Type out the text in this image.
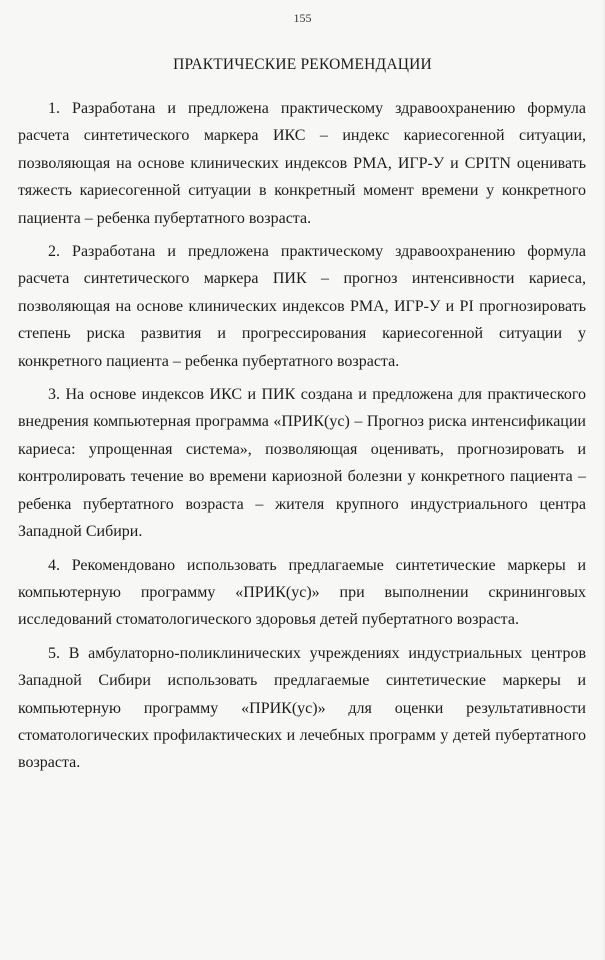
155
ПРАКТИЧЕСКИЕ РЕКОМЕНДАЦИИ

1. Разработана и предложена практическому здравоохранению формула расчета синтетического маркера ИКС – индекс кариесогенной ситуации, позволяющая на основе клинических индексов РМА, ИГР-У и CPITN оценивать тяжесть кариесогенной ситуации в конкретный момент времени у конкретного пациента – ребенка пубертатного возраста.

2. Разработана и предложена практическому здравоохранению формула расчета синтетического маркера ПИК – прогноз интенсивности кариеса, позволяющая на основе клинических индексов РМА, ИГР-У и PI прогнозировать степень риска развития и прогрессирования кариесогенной ситуации у конкретного пациента – ребенка пубертатного возраста.

3. На основе индексов ИКС и ПИК создана и предложена для практического внедрения компьютерная программа «ПРИК(ус) – Прогноз риска интенсификации кариеса: упрощенная система», позволяющая оценивать, прогнозировать и контролировать течение во времени кариозной болезни у конкретного пациента – ребенка пубертатного возраста – жителя крупного индустриального центра Западной Сибири.

4. Рекомендовано использовать предлагаемые синтетические маркеры и компьютерную программу «ПРИК(ус)» при выполнении скрининговых исследований стоматологического здоровья детей пубертатного возраста.

5. В амбулаторно-поликлинических учреждениях индустриальных центров Западной Сибири использовать предлагаемые синтетические маркеры и компьютерную программу «ПРИК(ус)» для оценки результативности стоматологических профилактических и лечебных программ у детей пубертатного возраста.
